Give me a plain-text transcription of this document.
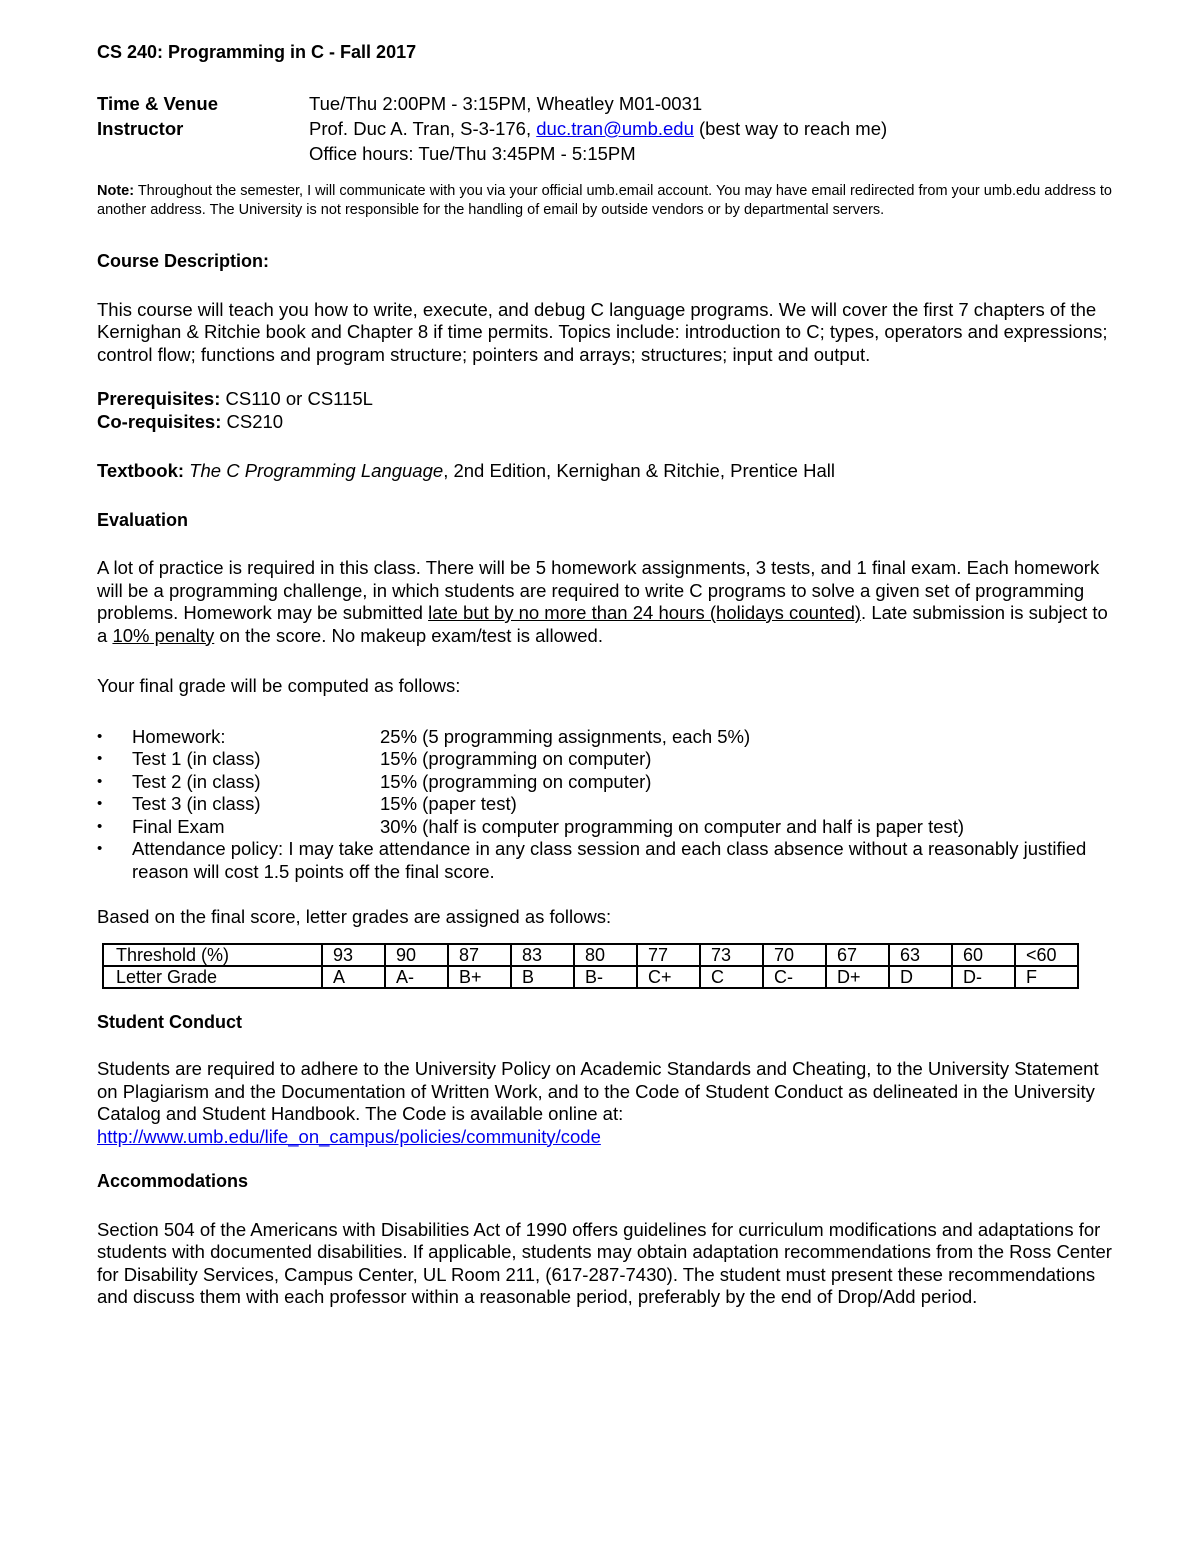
CS 240: Programming in C - Fall 2017
Time & Venue	Tue/Thu 2:00PM - 3:15PM, Wheatley M01-0031
Instructor	Prof. Duc A. Tran, S-3-176, duc.tran@umb.edu (best way to reach me)
Office hours: Tue/Thu 3:45PM - 5:15PM
Note: Throughout the semester, I will communicate with you via your official umb.email account. You may have email redirected from your umb.edu address to another address. The University is not responsible for the handling of email by outside vendors or by departmental servers.
Course Description:

This course will teach you how to write, execute, and debug C language programs. We will cover the first 7 chapters of the Kernighan & Ritchie book and Chapter 8 if time permits. Topics include: introduction to C; types, operators and expressions; control flow; functions and program structure; pointers and arrays; structures; input and output.

Prerequisites: CS110 or CS115L
Co-requisites: CS210
Textbook: The C Programming Language, 2nd Edition, Kernighan & Ritchie, Prentice Hall
Evaluation

A lot of practice is required in this class. There will be 5 homework assignments, 3 tests, and 1 final exam. Each homework will be a programming challenge, in which students are required to write C programs to solve a given set of programming problems. Homework may be submitted late but by no more than 24 hours (holidays counted). Late submission is subject to a 10% penalty on the score. No makeup exam/test is allowed.

Your final grade will be computed as follows:

•	Homework:	25% (5 programming assignments, each 5%)
•	Test 1 (in class)	15% (programming on computer)
•	Test 2 (in class)	15% (programming on computer)
•	Test 3 (in class)	15% (paper test)
•	Final Exam	30% (half is computer programming on computer and half is paper test)
•	Attendance policy: I may take attendance in any class session and each class absence without a reasonably justified reason will cost 1.5 points off the final score.

Based on the final score, letter grades are assigned as follows:

Threshold (%)	93	90	87	83	80	77	73	70	67	63	60	<60
Letter Grade	A	A-	B+	B	B-	C+	C	C-	D+	D	D-	F
Student Conduct

Students are required to adhere to the University Policy on Academic Standards and Cheating, to the University Statement on Plagiarism and the Documentation of Written Work, and to the Code of Student Conduct as delineated in the University Catalog and Student Handbook. The Code is available online at:

http://www.umb.edu/life_on_campus/policies/community/code
Accommodations

Section 504 of the Americans with Disabilities Act of 1990 offers guidelines for curriculum modifications and adaptations for students with documented disabilities. If applicable, students may obtain adaptation recommendations from the Ross Center for Disability Services, Campus Center, UL Room 211, (617-287-7430). The student must present these recommendations and discuss them with each professor within a reasonable period, preferably by the end of Drop/Add period.
